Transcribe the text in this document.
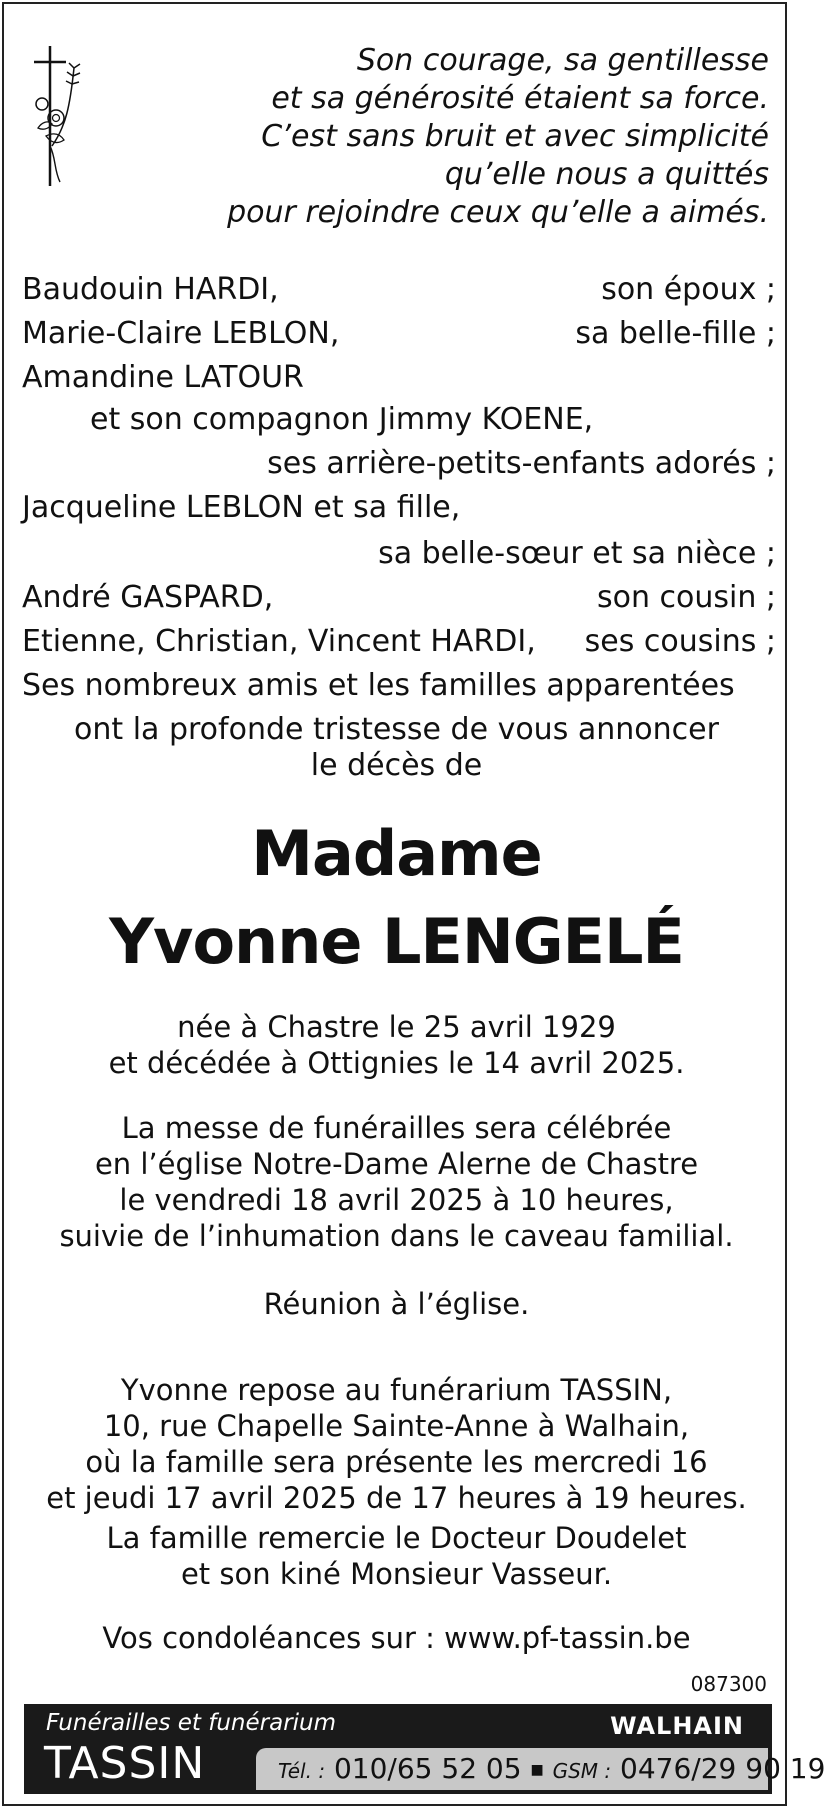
Son courage, sa gentillesse
et sa générosité étaient sa force.
C’est sans bruit et avec simplicité
qu’elle nous a quittés
pour rejoindre ceux qu’elle a aimés.
Baudouin HARDI,	son époux ;
Marie-Claire LEBLON,	sa belle-fille ;
Amandine LATOUR
et son compagnon Jimmy KOENE,
ses arrière-petits-enfants adorés ;
Jacqueline LEBLON et sa fille,
sa belle-sœur et sa nièce ;
André GASPARD,	son cousin ;
Etienne, Christian, Vincent HARDI, ses cousins ;
Ses nombreux amis et les familles apparentées
ont la profonde tristesse de vous annoncer
le décès de
Madame
Yvonne LENGELÉ
née à Chastre le 25 avril 1929
et décédée à Ottignies le 14 avril 2025.
La messe de funérailles sera célébrée
en l’église Notre-Dame Alerne de Chastre
le vendredi 18 avril 2025 à 10 heures,
suivie de l’inhumation dans le caveau familial.
Réunion à l’église.
Yvonne repose au funérarium TASSIN,
10, rue Chapelle Sainte-Anne à Walhain,
où la famille sera présente les mercredi 16
et jeudi 17 avril 2025 de 17 heures à 19 heures.
La famille remercie le Docteur Doudelet
et son kiné Monsieur Vasseur.
Vos condoléances sur : www.pf-tassin.be
087300
Funérailles et funérarium
TASSIN
WALHAIN
Tél. : 010/65 52 05 ■ GSM : 0476/29 90 19
